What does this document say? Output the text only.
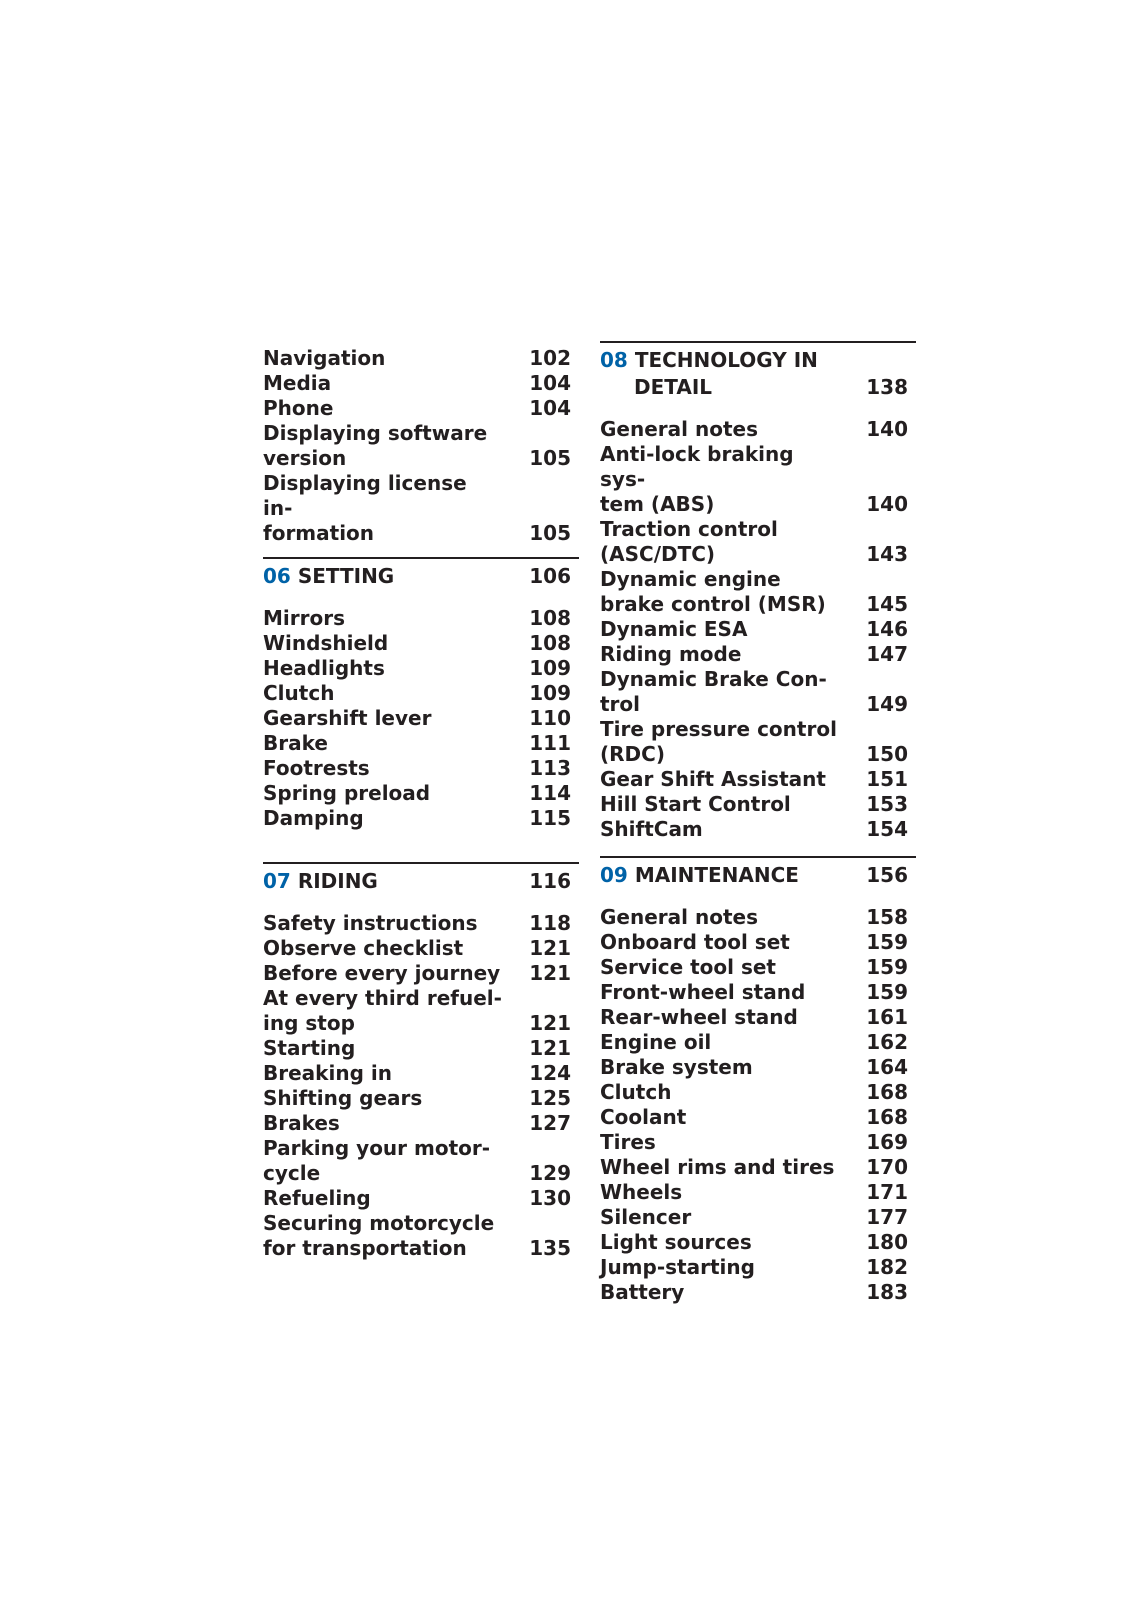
Navigation	102
Media	104
Phone	104
Displaying software
version	105
Displaying license in-
formation	105
06 SETTING	106
Mirrors	108
Windshield	108
Headlights	109
Clutch	109
Gearshift lever	110
Brake	111
Footrests	113
Spring preload	114
Damping	115
07 RIDING	116
Safety instructions	118
Observe checklist	121
Before every journey 121
At every third refuel-
ing stop	121
Starting	121
Breaking in	124
Shifting gears	125
Brakes	127
Parking your motor-
cycle	129
Refueling	130
Securing motorcycle
for transportation	135
08 TECHNOLOGY IN
DETAIL	138
General notes	140
Anti-lock braking sys-
tem (ABS)	140
Traction control
(ASC/DTC)	143
Dynamic engine
brake control (MSR)	145
Dynamic ESA	146
Riding mode	147
Dynamic Brake Con-
trol	149
Tire pressure control
(RDC)	150
Gear Shift Assistant	151
Hill Start Control	153
ShiftCam	154
09 MAINTENANCE	156
General notes	158
Onboard tool set	159
Service tool set	159
Front-wheel stand	159
Rear-wheel stand	161
Engine oil	162
Brake system	164
Clutch	168
Coolant	168
Tires	169
Wheel rims and tires 170
Wheels	171
Silencer	177
Light sources	180
Jump-starting	182
Battery	183
